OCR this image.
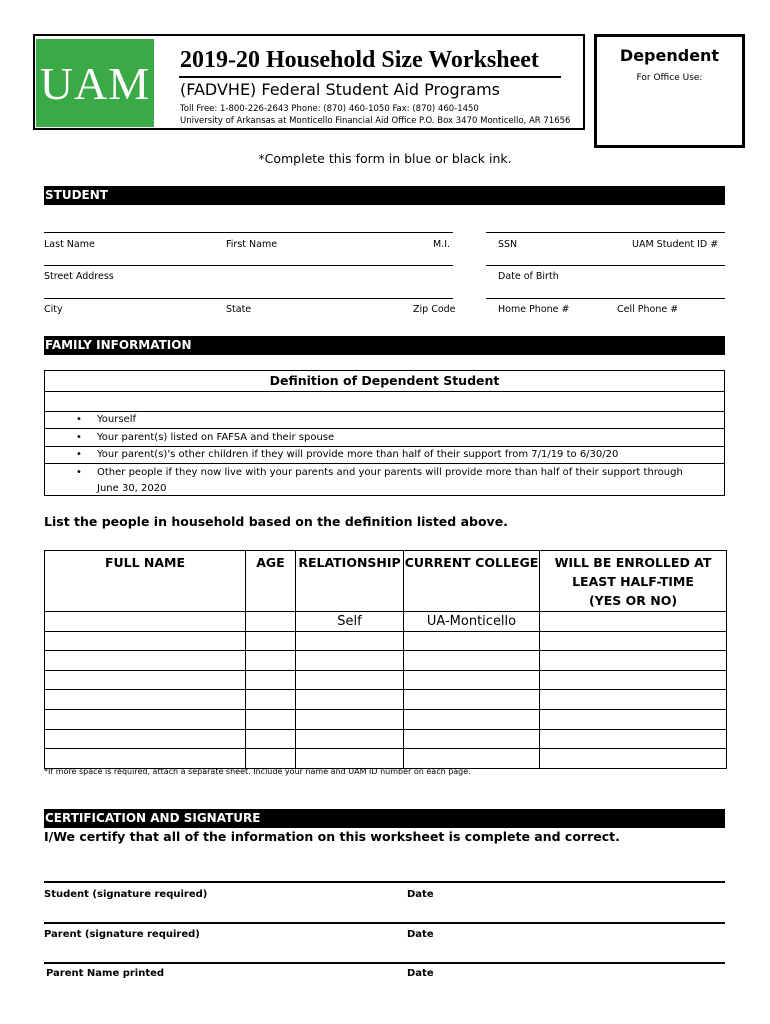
UAM 2019-20 Household Size Worksheet
(FADVHE) Federal Student Aid Programs
Toll Free: 1-800-226-2643 Phone: (870) 460-1050 Fax: (870) 460-1450
University of Arkansas at Monticello Financial Aid Office P.O. Box 3470 Monticello, AR 71656
Dependent
For Office Use:
*Complete this form in blue or black ink.
STUDENT
Last Name	First Name	M.I.	SSN	UAM Student ID #
Street Address	Date of Birth
City	State	Zip Code	Home Phone #	Cell Phone #
FAMILY INFORMATION
Definition of Dependent Student
• Yourself
• Your parent(s) listed on FAFSA and their spouse
• Your parent(s)'s other children if they will provide more than half of their support from 7/1/19 to 6/30/20
• Other people if they now live with your parents and your parents will provide more than half of their support through
June 30, 2020
List the people in household based on the definition listed above.
FULL NAME	AGE	RELATIONSHIP	CURRENT COLLEGE	WILL BE ENROLLED AT
LEAST HALF-TIME
(YES OR NO)

		Self	UA-Monticello	

*If more space is required, attach a separate sheet. Include your name and UAM ID number on each page.
CERTIFICATION AND SIGNATURE
I/We certify that all of the information on this worksheet is complete and correct.
Student (signature required)	Date
Parent (signature required)	Date
Parent Name printed	Date
